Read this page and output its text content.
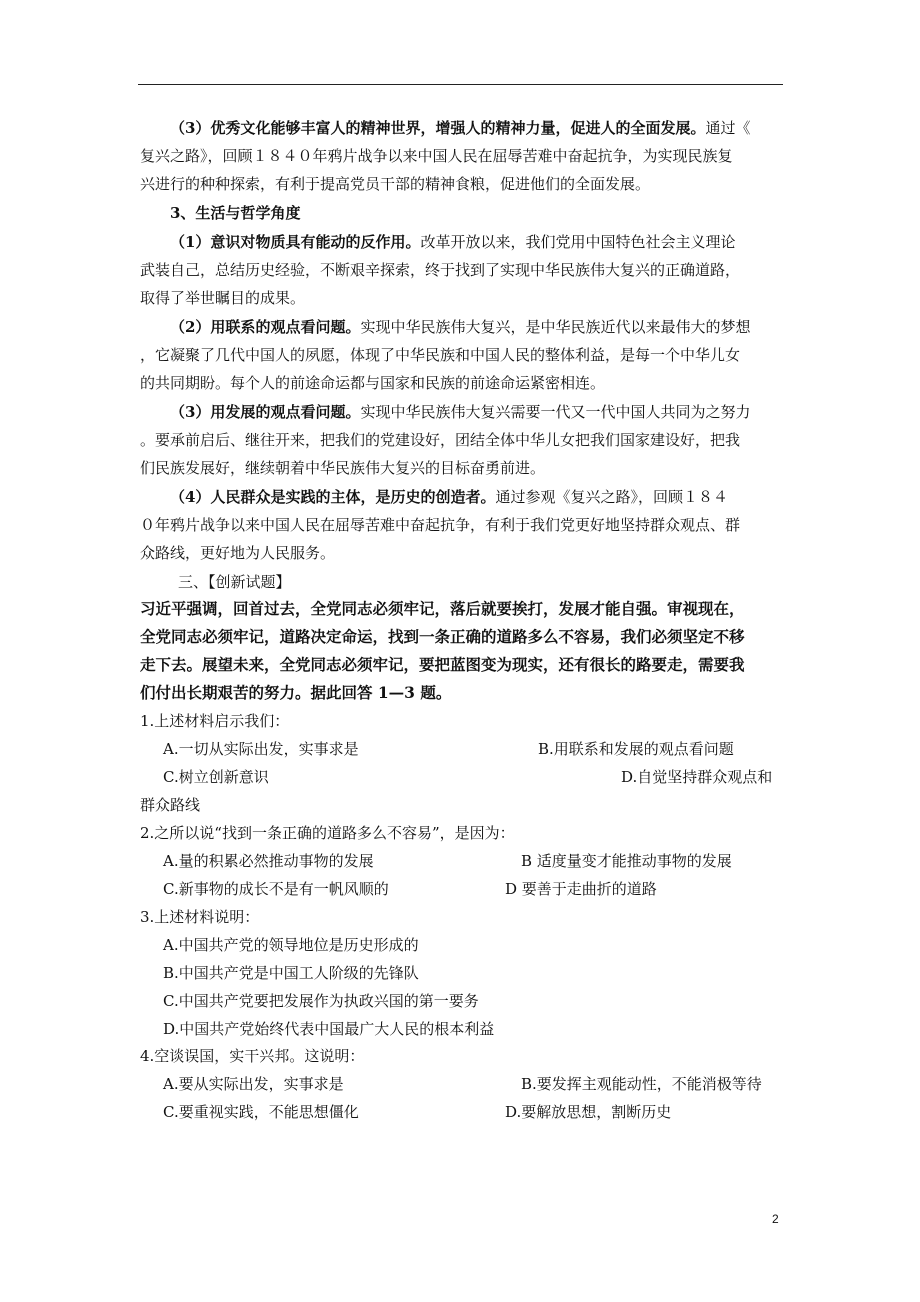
（3）优秀文化能够丰富人的精神世界，增强人的精神力量，促进人的全面发展。通过《
复兴之路》，回顾１８４０年鸦片战争以来中国人民在屈辱苦难中奋起抗争，为实现民族复
兴进行的种种探索，有利于提高党员干部的精神食粮，促进他们的全面发展。
3、生活与哲学角度
（1）意识对物质具有能动的反作用。改革开放以来，我们党用中国特色社会主义理论
武装自己，总结历史经验，不断艰辛探索，终于找到了实现中华民族伟大复兴的正确道路，
取得了举世瞩目的成果。
（2）用联系的观点看问题。实现中华民族伟大复兴，是中华民族近代以来最伟大的梦想
，它凝聚了几代中国人的夙愿，体现了中华民族和中国人民的整体利益，是每一个中华儿女
的共同期盼。每个人的前途命运都与国家和民族的前途命运紧密相连。
（3）用发展的观点看问题。实现中华民族伟大复兴需要一代又一代中国人共同为之努力
。要承前启后、继往开来，把我们的党建设好，团结全体中华儿女把我们国家建设好，把我
们民族发展好，继续朝着中华民族伟大复兴的目标奋勇前进。
（4）人民群众是实践的主体，是历史的创造者。通过参观《复兴之路》，回顾１８４
０年鸦片战争以来中国人民在屈辱苦难中奋起抗争，有利于我们党更好地坚持群众观点、群
众路线，更好地为人民服务。
三、【创新试题】
习近平强调，回首过去，全党同志必须牢记，落后就要挨打，发展才能自强。审视现在，
全党同志必须牢记，道路决定命运，找到一条正确的道路多么不容易，我们必须坚定不移
走下去。展望未来，全党同志必须牢记，要把蓝图变为现实，还有很长的路要走，需要我
们付出长期艰苦的努力。据此回答 1—3 题。
1.上述材料启示我们：
A.一切从实际出发，实事求是	B.用联系和发展的观点看问题
C.树立创新意识	D.自觉坚持群众观点和
群众路线
2.之所以说“找到一条正确的道路多么不容易”，是因为：
A.量的积累必然推动事物的发展	B 适度量变才能推动事物的发展
C.新事物的成长不是有一帆风顺的	D 要善于走曲折的道路
3.上述材料说明：
A.中国共产党的领导地位是历史形成的
B.中国共产党是中国工人阶级的先锋队
C.中国共产党要把发展作为执政兴国的第一要务
D.中国共产党始终代表中国最广大人民的根本利益
4.空谈误国，实干兴邦。这说明：
A.要从实际出发，实事求是	B.要发挥主观能动性，不能消极等待
C.要重视实践，不能思想僵化	D.要解放思想，割断历史
2
